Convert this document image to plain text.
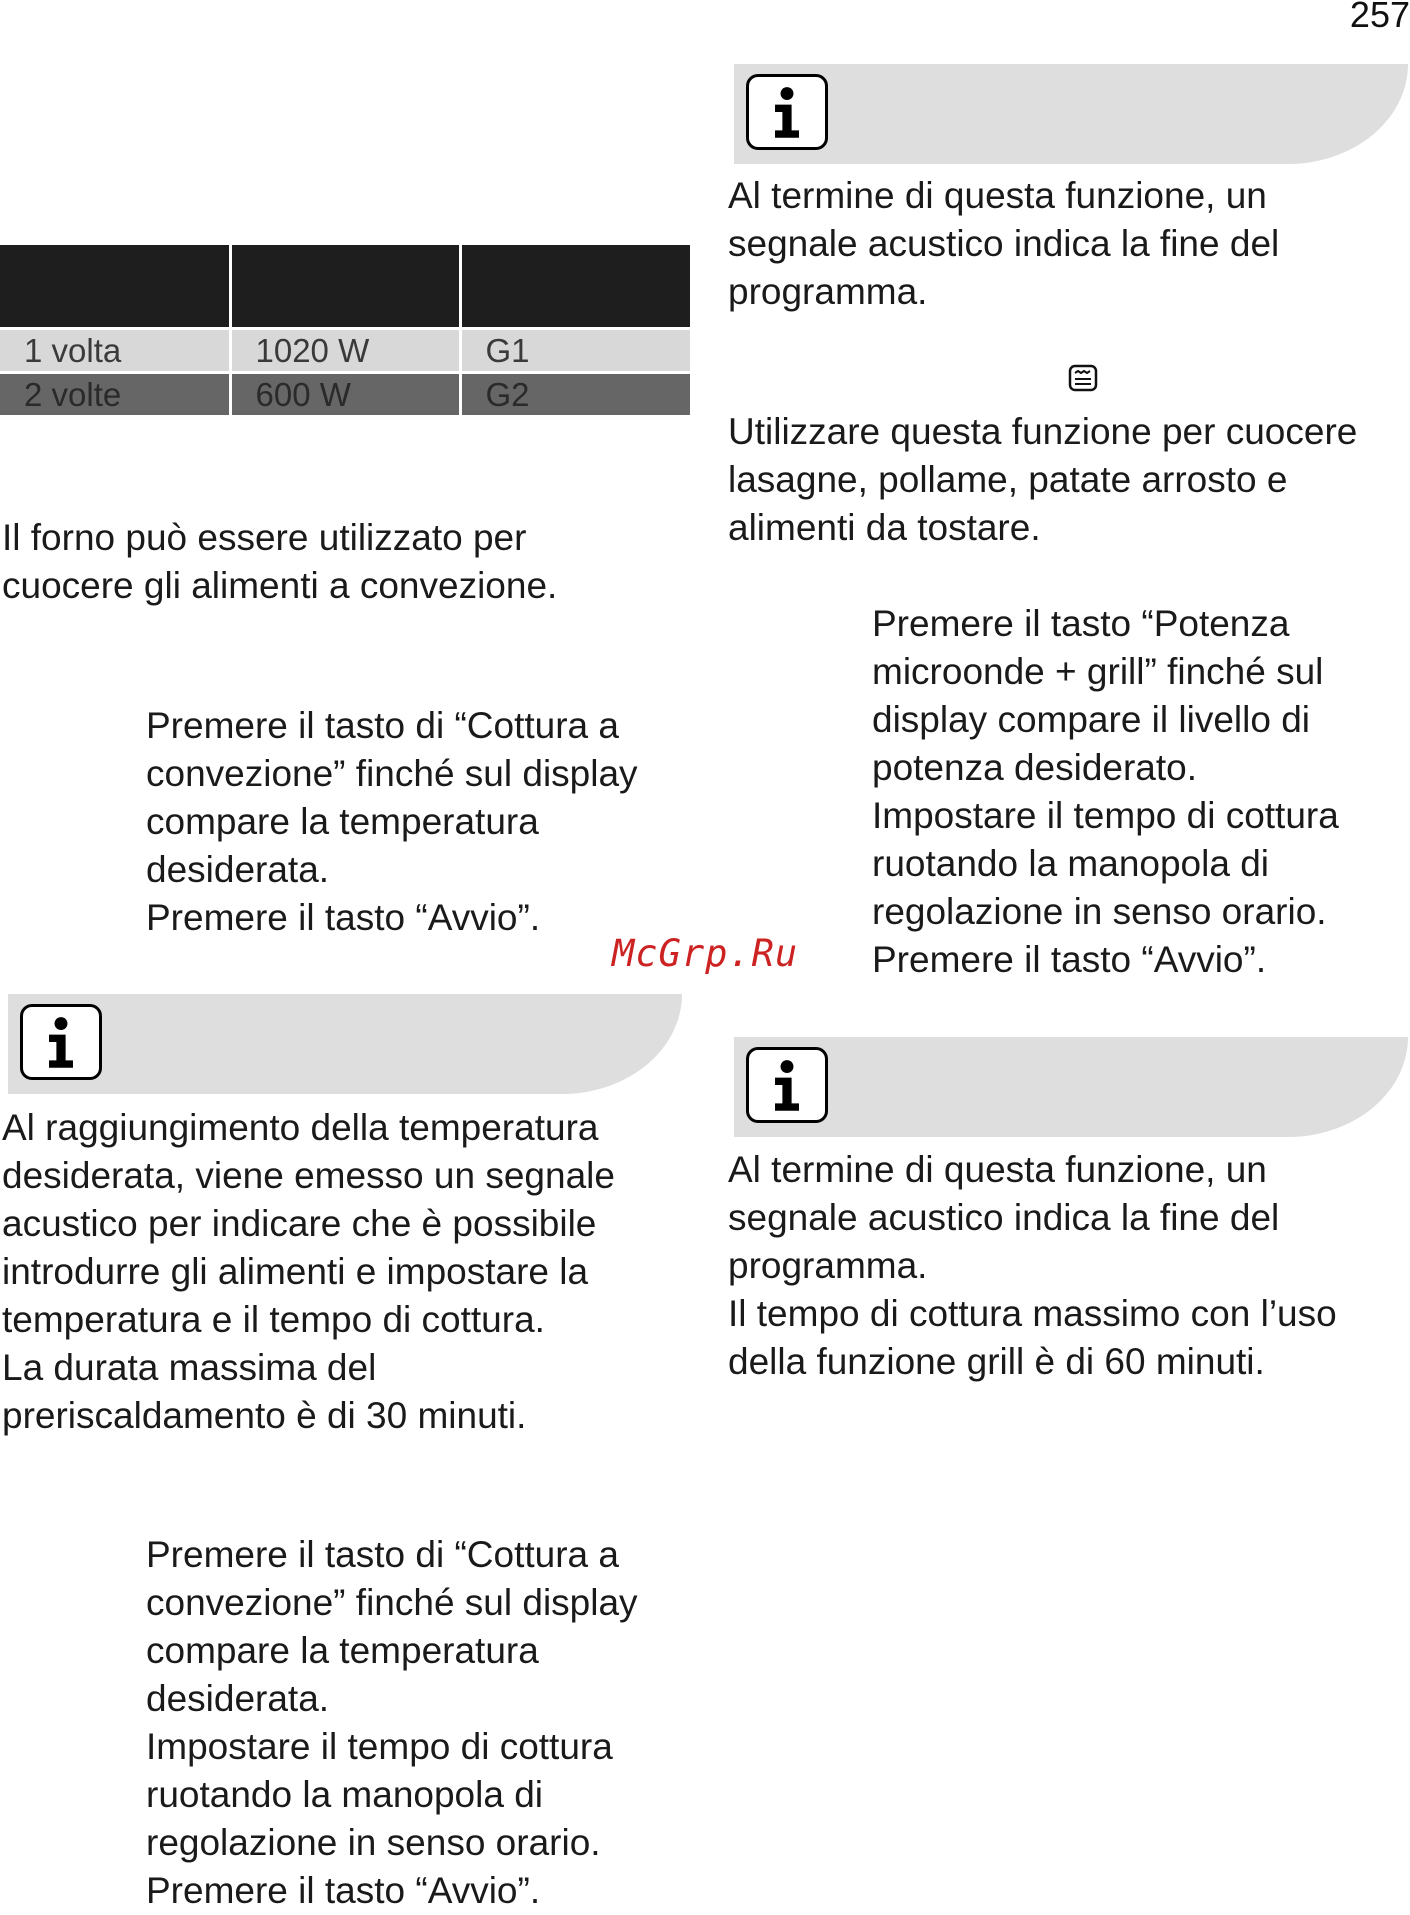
257

1 volta	1020 W	G1
2 volte	600 W	G2

Il forno può essere utilizzato per

cuocere gli alimenti a convezione.

Premere il tasto di “Cottura a

convezione” finché sul display

compare la temperatura

desiderata.

Premere il tasto “Avvio”.

Al raggiungimento della temperatura

desiderata, viene emesso un segnale

acustico per indicare che è possibile

introdurre gli alimenti e impostare la

temperatura e il tempo di cottura.

La durata massima del

preriscaldamento è di 30 minuti.

Premere il tasto di “Cottura a

convezione” finché sul display

compare la temperatura

desiderata.

Impostare il tempo di cottura

ruotando la manopola di

regolazione in senso orario.

Premere il tasto “Avvio”.

Al termine di questa funzione, un

segnale acustico indica la fine del

programma.

Utilizzare questa funzione per cuocere

lasagne, pollame, patate arrosto e

alimenti da tostare.

Premere il tasto “Potenza

microonde + grill” finché sul

display compare il livello di

potenza desiderato.

Impostare il tempo di cottura

ruotando la manopola di

regolazione in senso orario.

Premere il tasto “Avvio”.

McGrp.Ru

Al termine di questa funzione, un

segnale acustico indica la fine del

programma.

Il tempo di cottura massimo con l’uso

della funzione grill è di 60 minuti.
